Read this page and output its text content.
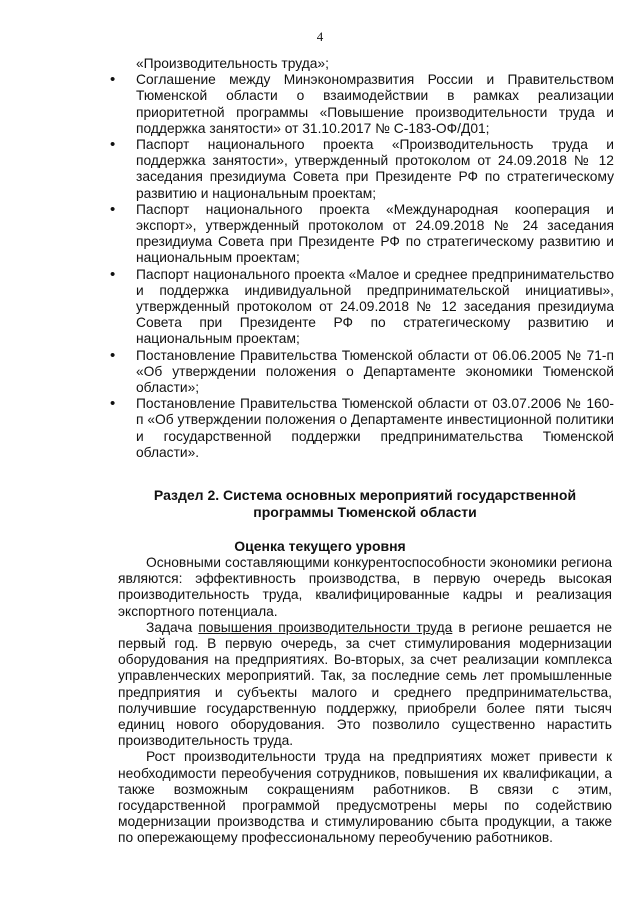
4

«Производительность труда»;

• Соглашение между Минэкономразвития России и Правительством Тюменской области о взаимодействии в рамках реализации приоритетной программы «Повышение производительности труда и поддержка занятости» от 31.10.2017 № С-183-ОФ/Д01;
• Паспорт национального проекта «Производительность труда и поддержка занятости», утвержденный протоколом от 24.09.2018 № 12 заседания президиума Совета при Президенте РФ по стратегическому развитию и национальным проектам;
• Паспорт национального проекта «Международная кооперация и экспорт», утвержденный протоколом от 24.09.2018 № 24 заседания президиума Совета при Президенте РФ по стратегическому развитию и национальным проектам;
• Паспорт национального проекта «Малое и среднее предпринимательство и поддержка индивидуальной предпринимательской инициативы», утвержденный протоколом от 24.09.2018 № 12 заседания президиума Совета при Президенте РФ по стратегическому развитию и национальным проектам;
• Постановление Правительства Тюменской области от 06.06.2005 № 71-п «Об утверждении положения о Департаменте экономики Тюменской области»;
• Постановление Правительства Тюменской области от 03.07.2006 № 160-п «Об утверждении положения о Департаменте инвестиционной политики и государственной поддержки предпринимательства Тюменской области».
Раздел 2. Система основных мероприятий государственной программы Тюменской области
Оценка текущего уровня

Основными составляющими конкурентоспособности экономики региона являются: эффективность производства, в первую очередь высокая производительность труда, квалифицированные кадры и реализация экспортного потенциала.

Задача повышения производительности труда в регионе решается не первый год. В первую очередь, за счет стимулирования модернизации оборудования на предприятиях. Во-вторых, за счет реализации комплекса управленческих мероприятий. Так, за последние семь лет промышленные предприятия и субъекты малого и среднего предпринимательства, получившие государственную поддержку, приобрели более пяти тысяч единиц нового оборудования. Это позволило существенно нарастить производительность труда.

Рост производительности труда на предприятиях может привести к необходимости переобучения сотрудников, повышения их квалификации, а также возможным сокращениям работников. В связи с этим, государственной программой предусмотрены меры по содействию модернизации производства и стимулированию сбыта продукции, а также по опережающему профессиональному переобучению работников.
